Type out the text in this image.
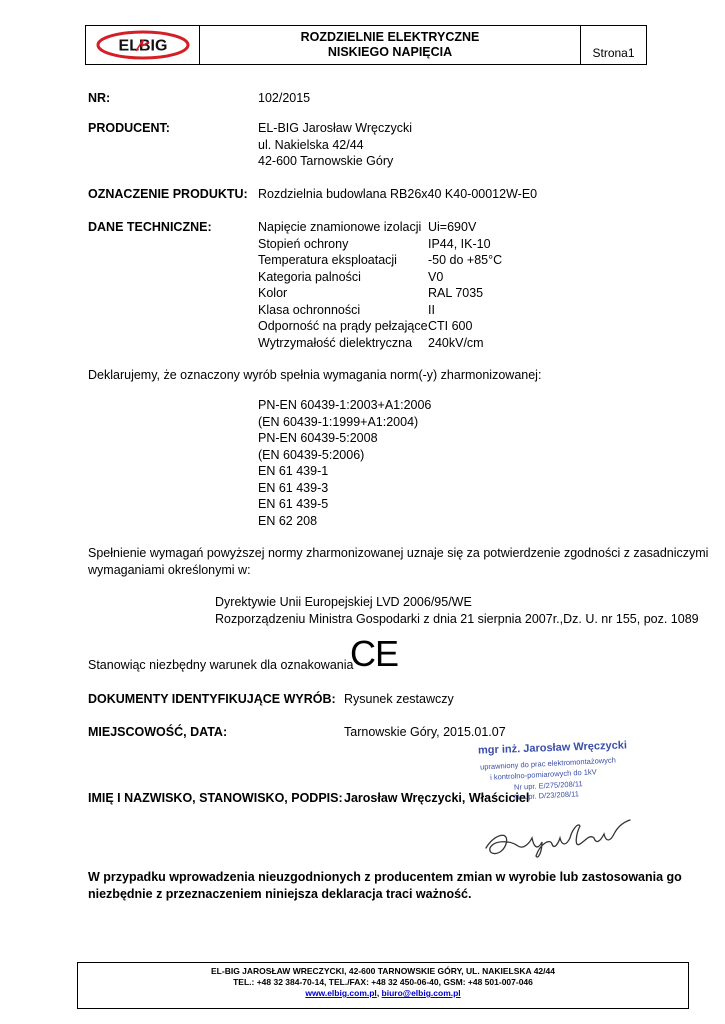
ELBIG
ROZDZIELNIE ELEKTRYCZNE
NISKIEGO NAPIĘCIA	Strona1
NR:	102/2015
PRODUCENT:	EL-BIG Jarosław Wręczycki
ul. Nakielska 42/44
42-600 Tarnowskie Góry
OZNACZENIE PRODUKTU: Rozdzielnia budowlana RB26x40 K40-00012W-E0
DANE TECHNICZNE:	Napięcie znamionowe izolacji Ui=690V
Stopień ochrony	IP44, IK-10
Temperatura eksploatacji	-50 do +85°C
Kategoria palności	V0
Kolor	RAL 7035
Klasa ochronności	II
Odporność na prądy pełzające CTI 600
Wytrzymałość dielektryczna	240kV/cm
Deklarujemy, że oznaczony wyrób spełnia wymagania norm(-y) zharmonizowanej:
PN-EN 60439-1:2003+A1:2006
(EN 60439-1:1999+A1:2004)
PN-EN 60439-5:2008
(EN 60439-5:2006)
EN 61 439-1
EN 61 439-3
EN 61 439-5
EN 62 208
Spełnienie wymagań powyższej normy zharmonizowanej uznaje się za potwierdzenie zgodności z zasadniczymi
wymaganiami określonymi w:
Dyrektywie Unii Europejskiej LVD 2006/95/WE
Rozporządzeniu Ministra Gospodarki z dnia 21 sierpnia 2007r.,Dz. U. nr 155, poz. 1089
Stanowiąc niezbędny warunek dla oznakowania
CE
DOKUMENTY IDENTYFIKUJĄCE WYRÓB: Rysunek zestawczy
MIEJSCOWOŚĆ, DATA:	Tarnowskie Góry, 2015.01.07
mgr inż. Jarosław Wręczycki
uprawniony do prac elektromontażowych
i kontrolno-pomiarowych do 1kV
Nr upr. E/275/208/11
Nr upr. D/23/208/11
IMIĘ I NAZWISKO, STANOWISKO, PODPIS: Jarosław Wręczycki, Właściciel
W przypadku wprowadzenia nieuzgodnionych z producentem zmian w wyrobie lub zastosowania go
niezbędnie z przeznaczeniem niniejsza deklaracja traci ważność.
EL-BIG JAROSŁAW WRECZYCKI, 42-600 TARNOWSKIE GÓRY, UL. NAKIELSKA 42/44
TEL.: +48 32 384-70-14, TEL./FAX: +48 32 450-06-40, GSM: +48 501-007-046
www.elbig.com.pl, biuro@elbig.com.pl
